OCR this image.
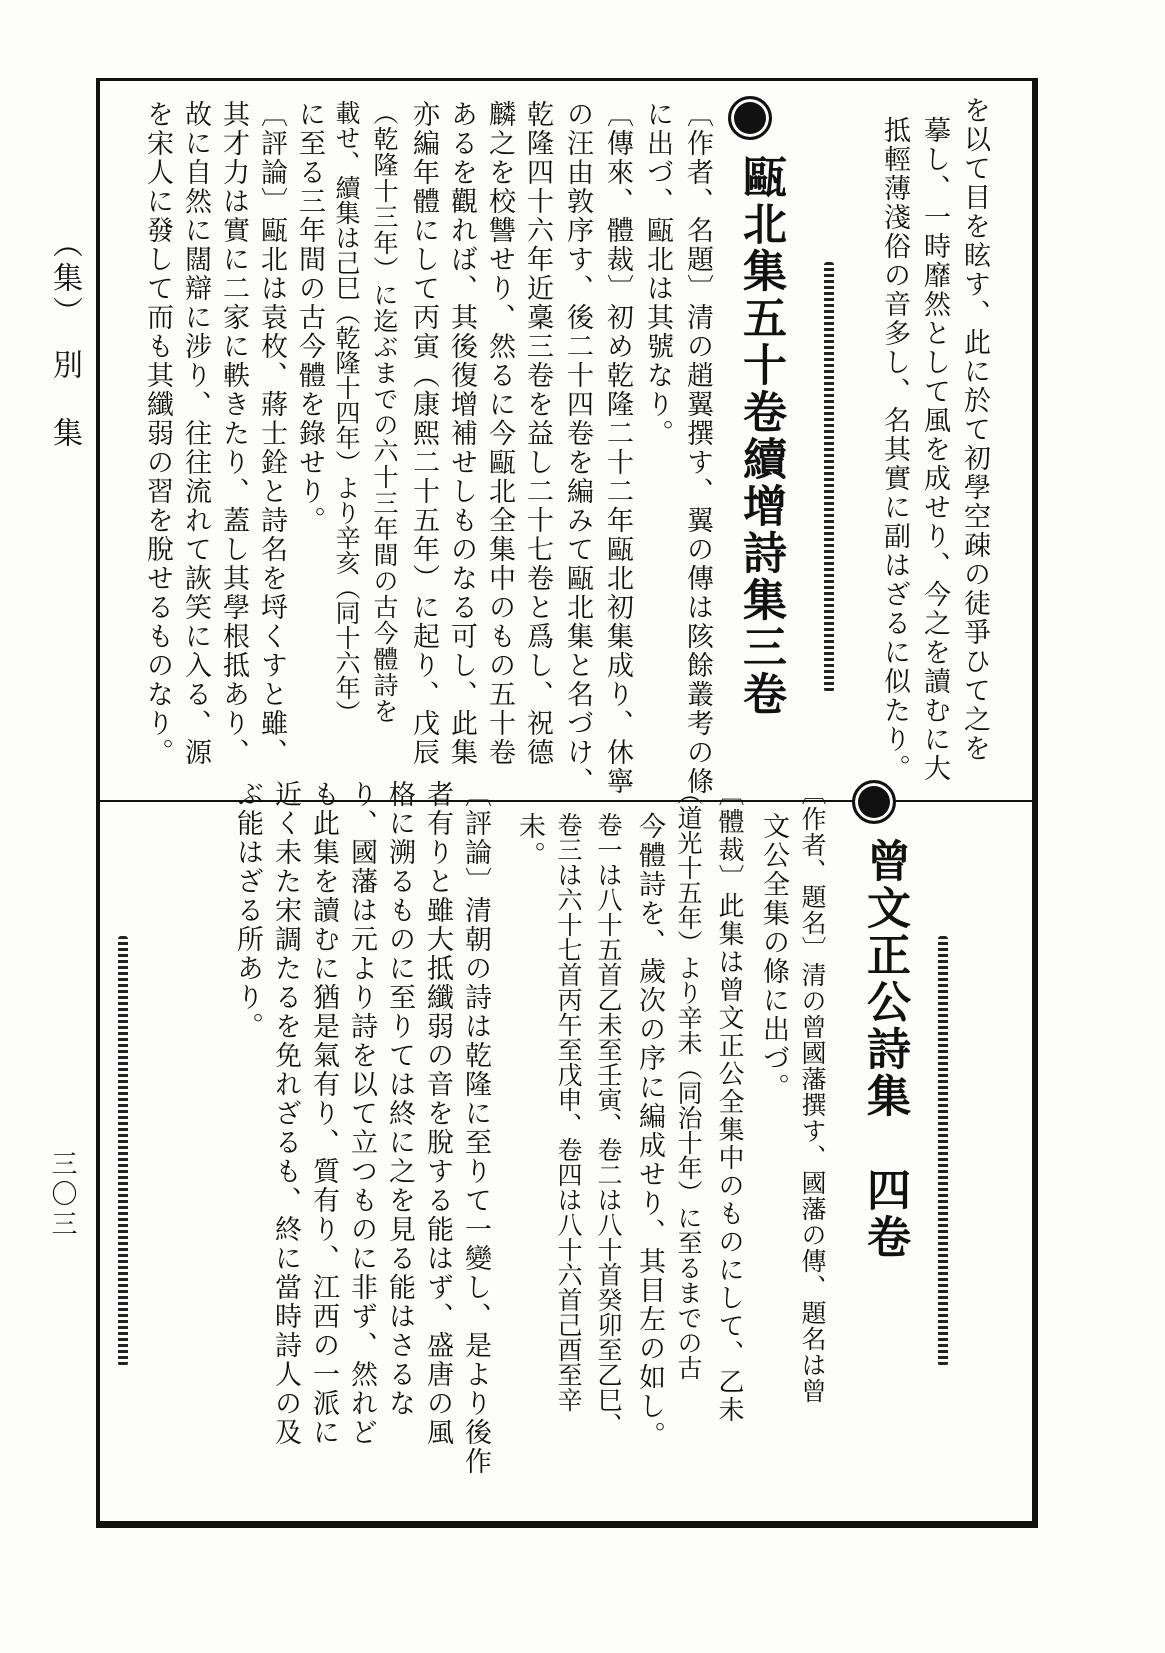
（集）　別　集
三〇三
を以て目を眩す、此に於て初學空疎の徒爭ひて之を
摹し、一時靡然として風を成せり、今之を讀むに大
抵輕薄淺俗の音多し、名其實に副はざるに似たり。
甌北集五十卷續增詩集三卷
〔作者、名題〕清の趙翼撰す、翼の傳は陔餘叢考の條
に出づ、甌北は其號なり。
〔傳來、體裁〕初め乾隆二十二年甌北初集成り、休寧
の汪由敦序す、後二十四卷を編みて甌北集と名づけ、
乾隆四十六年近稾三卷を益し二十七卷と爲し、祝德
麟之を校讐せり、然るに今甌北全集中のもの五十卷
あるを觀れば、其後復增補せしものなる可し、此集
亦編年體にして丙寅（康熙二十五年）に起り、戊辰
（乾隆十三年）に迄ぶまでの六十三年間の古今體詩を
載せ、續集は己巳（乾隆十四年）より辛亥（同十六年）
に至る三年間の古今體を錄せり。
〔評論〕甌北は袁枚、蔣士銓と詩名を埒くすと雖、
其才力は實に二家に軼きたり、蓋し其學根抵あり、
故に自然に闊辯に涉り、往往流れて詼笑に入る、源
を宋人に發して而も其纖弱の習を脫せるものなり。
曾文正公詩集　四卷
〔作者、題名〕清の曾國藩撰す、國藩の傳、題名は曾
文公全集の條に出づ。
〔體裁〕此集は曾文正公全集中のものにして、乙未
（道光十五年）より辛未（同治十年）に至るまでの古
今體詩を、歲次の序に編成せり、其目左の如し。
卷一は八十五首乙未至壬寅、卷二は八十首癸卯至乙巳、
卷三は六十七首丙午至戊申、卷四は八十六首己酉至辛
未。
〔評論〕清朝の詩は乾隆に至りて一變し、是より後作
者有りと雖大抵纖弱の音を脫する能はず、盛唐の風
格に溯るものに至りては終に之を見る能はさるな
り、國藩は元より詩を以て立つものに非ず、然れど
も此集を讀むに猶是氣有り、質有り、江西の一派に
近く未た宋調たるを免れざるも、終に當時詩人の及
ぶ能はざる所あり。
